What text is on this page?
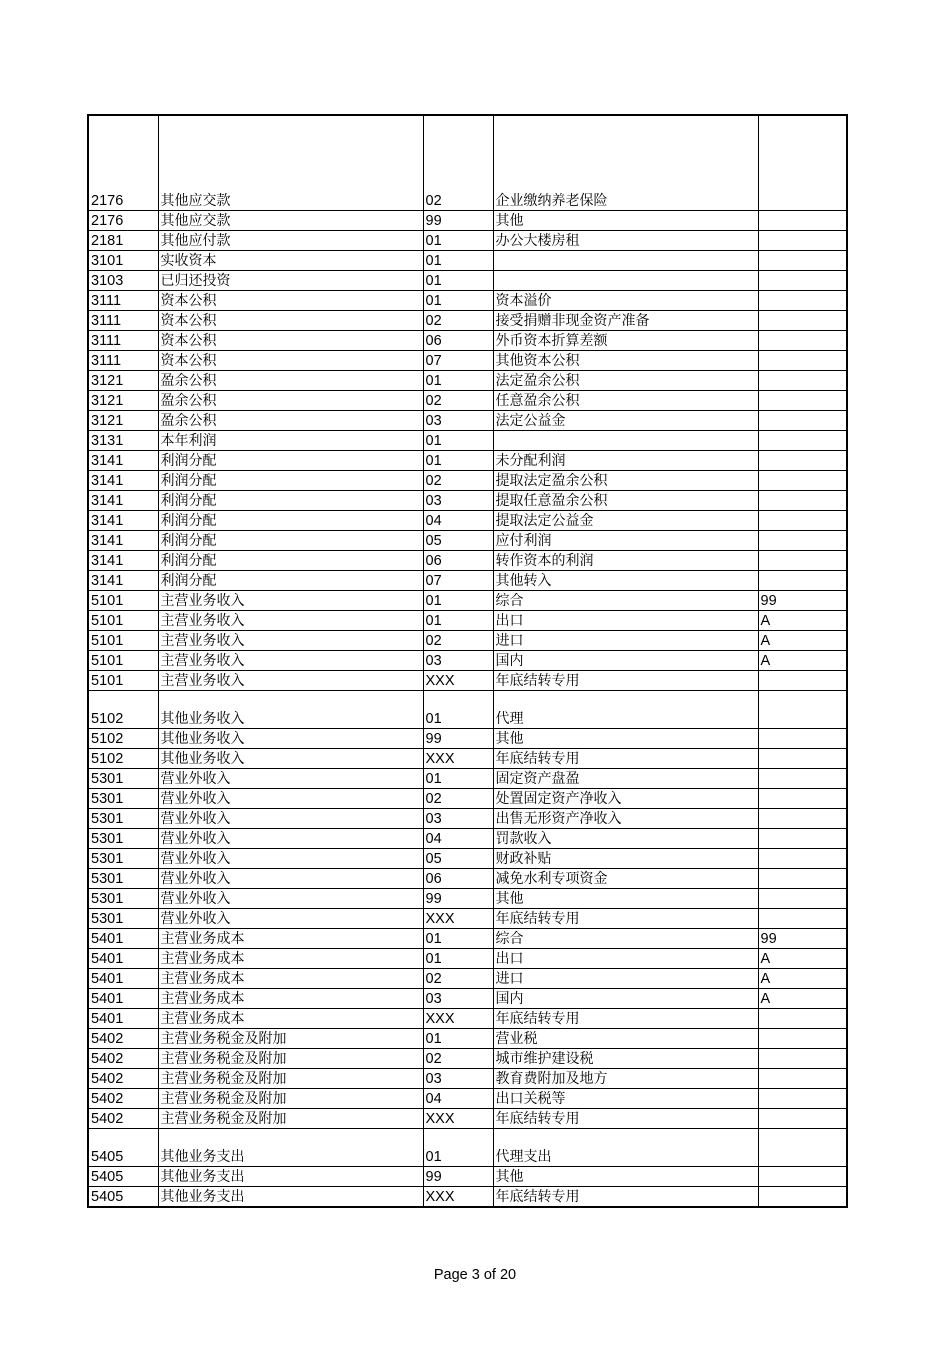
2176	其他应交款	02	企业缴纳养老保险	
2176	其他应交款	99	其他	
2181	其他应付款	01	办公大楼房租	
3101	实收资本	01		
3103	已归还投资	01		
3111	资本公积	01	资本溢价	
3111	资本公积	02	接受捐赠非现金资产准备	
3111	资本公积	06	外币资本折算差额	
3111	资本公积	07	其他资本公积	
3121	盈余公积	01	法定盈余公积	
3121	盈余公积	02	任意盈余公积	
3121	盈余公积	03	法定公益金	
3131	本年利润	01		
3141	利润分配	01	未分配利润	
3141	利润分配	02	提取法定盈余公积	
3141	利润分配	03	提取任意盈余公积	
3141	利润分配	04	提取法定公益金	
3141	利润分配	05	应付利润	
3141	利润分配	06	转作资本的利润	
3141	利润分配	07	其他转入	
5101	主营业务收入	01	综合	99
5101	主营业务收入	01	出口	A
5101	主营业务收入	02	进口	A
5101	主营业务收入	03	国内	A
5101	主营业务收入	XXX	年底结转专用	
5102	其他业务收入	01	代理	
5102	其他业务收入	99	其他	
5102	其他业务收入	XXX	年底结转专用	
5301	营业外收入	01	固定资产盘盈	
5301	营业外收入	02	处置固定资产净收入	
5301	营业外收入	03	出售无形资产净收入	
5301	营业外收入	04	罚款收入	
5301	营业外收入	05	财政补贴	
5301	营业外收入	06	减免水利专项资金	
5301	营业外收入	99	其他	
5301	营业外收入	XXX	年底结转专用	
5401	主营业务成本	01	综合	99
5401	主营业务成本	01	出口	A
5401	主营业务成本	02	进口	A
5401	主营业务成本	03	国内	A
5401	主营业务成本	XXX	年底结转专用	
5402	主营业务税金及附加	01	营业税	
5402	主营业务税金及附加	02	城市维护建设税	
5402	主营业务税金及附加	03	教育费附加及地方	
5402	主营业务税金及附加	04	出口关税等	
5402	主营业务税金及附加	XXX	年底结转专用	
5405	其他业务支出	01	代理支出	
5405	其他业务支出	99	其他	
5405	其他业务支出	XXX	年底结转专用	
Page 3 of 20
